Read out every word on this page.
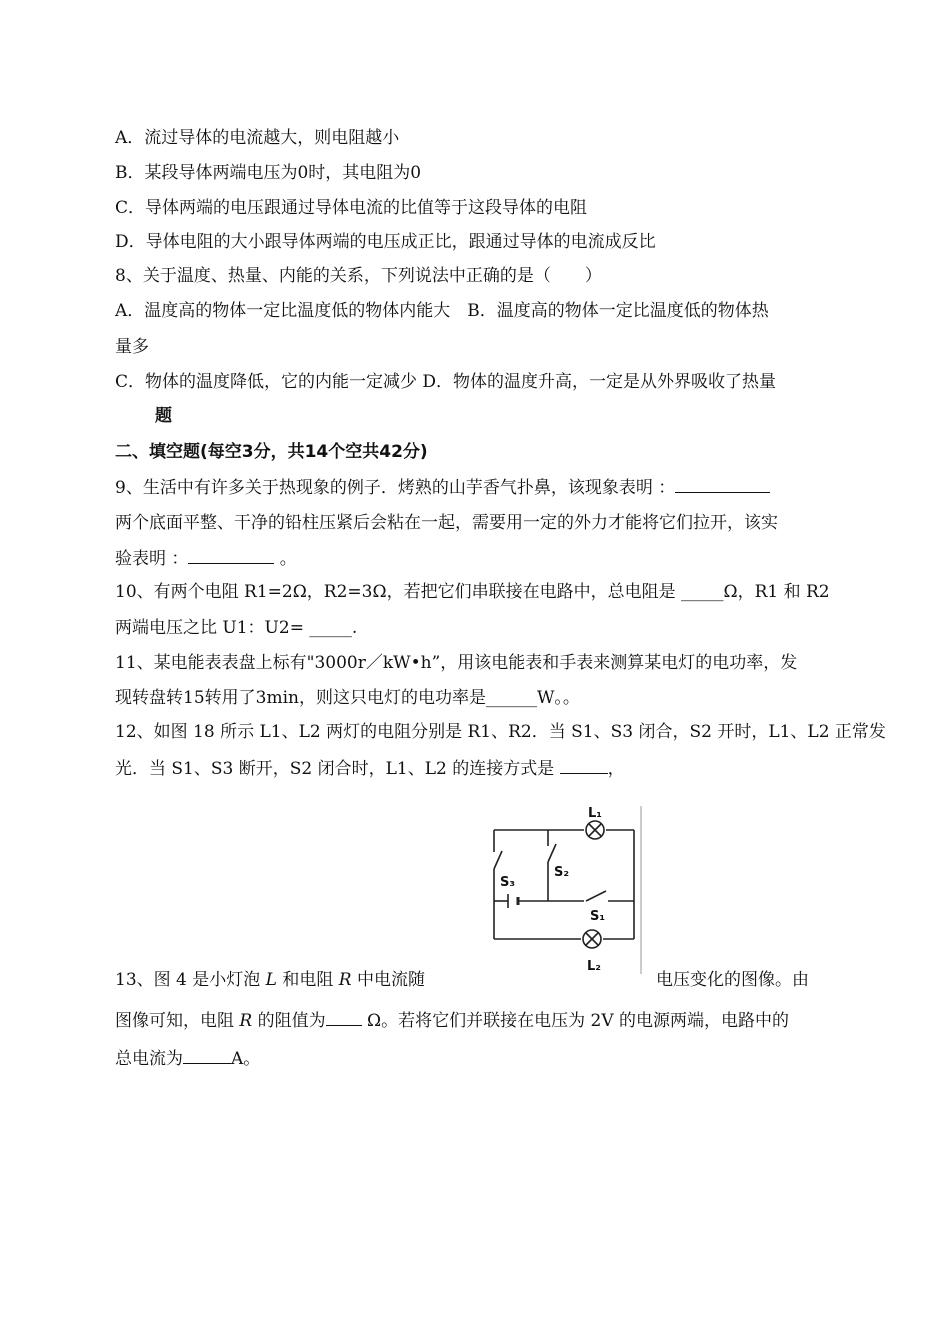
A．流过导体的电流越大，则电阻越小
B．某段导体两端电压为0时，其电阻为0
C．导体两端的电压跟通过导体电流的比值等于这段导体的电阻
D．导体电阻的大小跟导体两端的电压成正比，跟通过导体的电流成反比
8、关于温度、热量、内能的关系，下列说法中正确的是（　　）
A．温度高的物体一定比温度低的物体内能大　B．温度高的物体一定比温度低的物体热
量多
C．物体的温度降低，它的内能一定减少 D．物体的温度升高，一定是从外界吸收了热量
题
二、填空题(每空3分，共14个空共42分)
9、生活中有许多关于热现象的例子．烤熟的山芋香气扑鼻，该现象表明 ：
两个底面平整、干净的铅柱压紧后会粘在一起，需要用一定的外力才能将它们拉开，该实
验表明 ：	。
10、有两个电阻 R1=2Ω，R2=3Ω，若把它们串联接在电路中，总电阻是 _____Ω，R1 和 R2
两端电压之比 U1：U2= _____.
11、某电能表表盘上标有"3000r／kW•h”，用该电能表和手表来测算某电灯的电功率，发
现转盘转15转用了3min，则这只电灯的电功率是______W。。
12、如图 18 所示 L1、L2 两灯的电阻分别是 R1、R2．当 S1、S3 闭合，S2 开时，L1、L2 正常发
光．当 S1、S3 断开，S2 闭合时，L1、L2 的连接方式是	，
L₁
L₂
S₃
S₂
S₁
13、图 4 是小灯泡 L 和电阻 R 中电流随	电压变化的图像。由
图像可知，电阻 R 的阻值为 Ω。若将它们并联接在电压为 2V 的电源两端，电路中的
总电流为	A。
